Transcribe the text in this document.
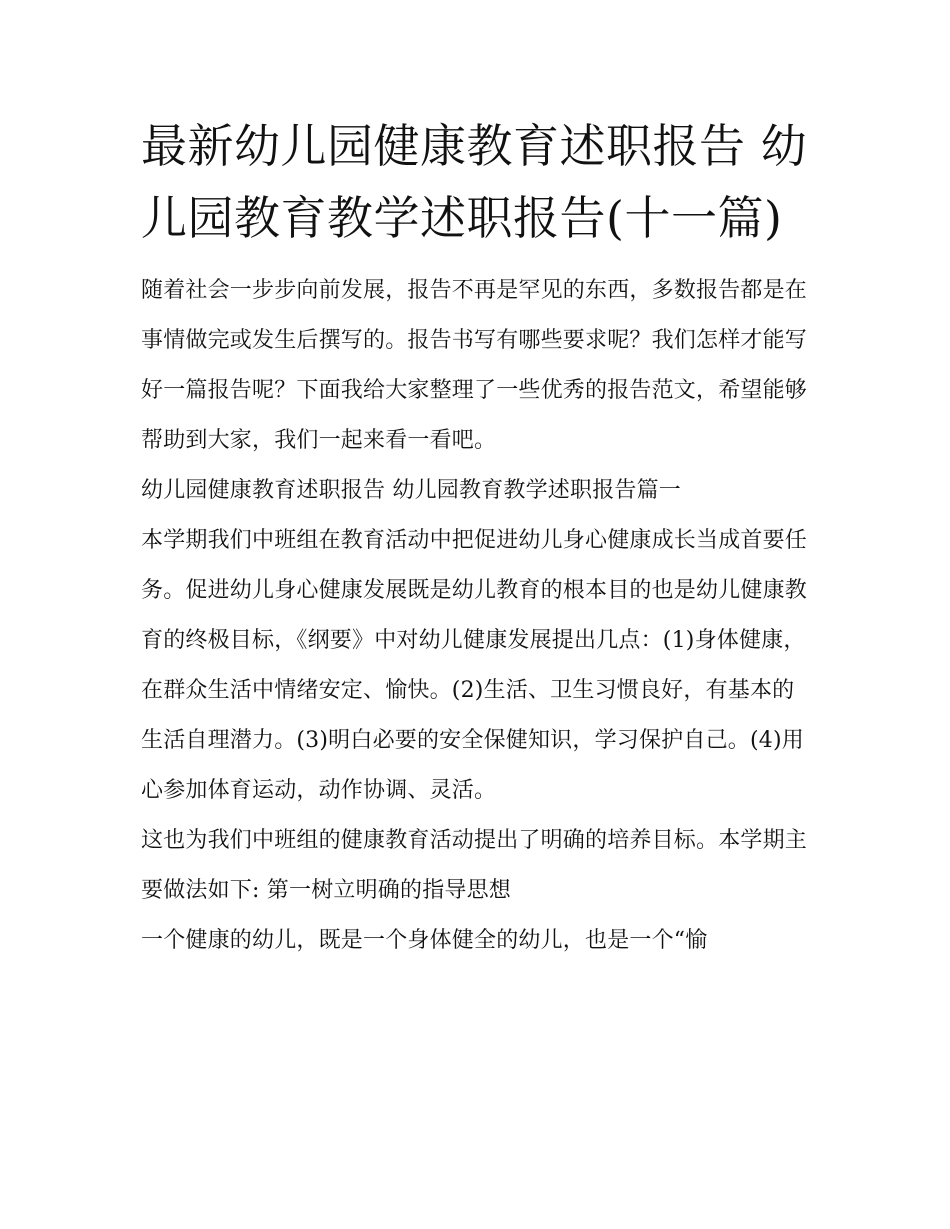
最新幼儿园健康教育述职报告 幼儿园教育教学述职报告(十一篇)

随着社会一步步向前发展，报告不再是罕见的东西，多数报告都是在事情做完或发生后撰写的。报告书写有哪些要求呢？我们怎样才能写好一篇报告呢？下面我给大家整理了一些优秀的报告范文，希望能够帮助到大家，我们一起来看一看吧。

幼儿园健康教育述职报告 幼儿园教育教学述职报告篇一

本学期我们中班组在教育活动中把促进幼儿身心健康成长当成首要任务。促进幼儿身心健康发展既是幼儿教育的根本目的也是幼儿健康教育的终极目标，《纲要》中对幼儿健康发展提出几点：(1)身体健康，在群众生活中情绪安定、愉快。(2)生活、卫生习惯良好，有基本的生活自理潜力。(3)明白必要的安全保健知识，学习保护自己。(4)用心参加体育运动，动作协调、灵活。

这也为我们中班组的健康教育活动提出了明确的培养目标。本学期主要做法如下: 第一树立明确的指导思想

一个健康的幼儿，既是一个身体健全的幼儿，也是一个“愉
